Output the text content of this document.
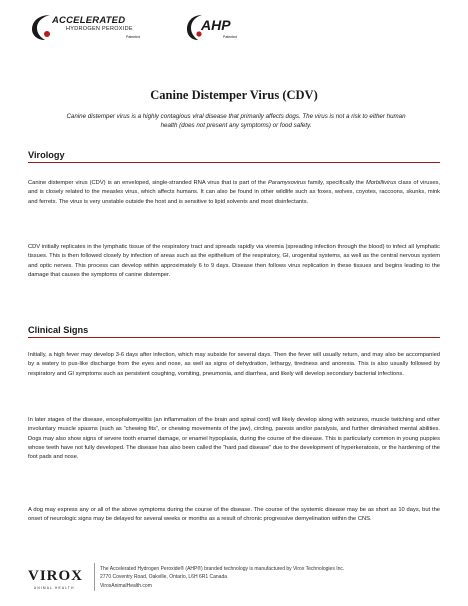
ACCELERATED
HYDROGEN PEROXIDE
Patented
AHP
Patented
Canine Distemper Virus (CDV)
Canine distemper virus is a highly contagious viral disease that primarily affects dogs. The virus is not a risk to either human health (does not present any symptoms) or food safety.
Virology
Canine distemper virus (CDV) is an enveloped, single-stranded RNA virus that is part of the Paramyxovirus family, specifically the Morbillivirus class of viruses, and is closely related to the measles virus, which affects humans. It can also be found in other wildlife such as foxes, wolves, coyotes, raccoons, skunks, mink and ferrets. The virus is very unstable outside the host and is sensitive to lipid solvents and most disinfectants.
CDV initially replicates in the lymphatic tissue of the respiratory tract and spreads rapidly via viremia (spreading infection through the blood) to infect all lymphatic tissues. This is then followed closely by infection of areas such as the epithelium of the respiratory, GI, urogenital systems, as well as the central nervous system and optic nerves. This process can develop within approximately 6 to 9 days. Disease then follows virus replication in these tissues and begins leading to the damage that causes the symptoms of canine distemper.
Clinical Signs
Initially, a high fever may develop 3-6 days after infection, which may subside for several days. Then the fever will usually return, and may also be accompanied by a watery to pus-like discharge from the eyes and nose, as well as signs of dehydration, lethargy, tiredness and anorexia. This is also usually followed by respiratory and GI symptoms such as persistent coughing, vomiting, pneumonia, and diarrhea, and likely will develop secondary bacterial infections.
In later stages of the disease, encephalomyelitis (an inflammation of the brain and spinal cord) will likely develop along with seizures, muscle twitching and other involuntary muscle spasms (such as “chewing fits”, or chewing movements of the jaw), circling, paresis and/or paralysis, and further diminished mental abilities. Dogs may also show signs of severe tooth enamel damage, or enamel hypoplasia, during the course of the disease. This is particularly common in young puppies whose teeth have not fully developed. The disease has also been called the “hard pad disease” due to the development of hyperkeratosis, or the hardening of the foot pads and nose.
A dog may express any or all of the above symptoms during the course of the disease. The course of the systemic disease may be as short as 10 days, but the onset of neurologic signs may be delayed for several weeks or months as a result of chronic progressive demyelination within the CNS.
VIROX
ANIMAL HEALTH
The Accelerated Hydrogen Peroxide® (AHP®) branded technology is manufactured by Virox Technologies Inc.
2770 Coventry Road, Oakville, Ontario, L6H 6R1 Canada
ViroxAnimalHealth.com
